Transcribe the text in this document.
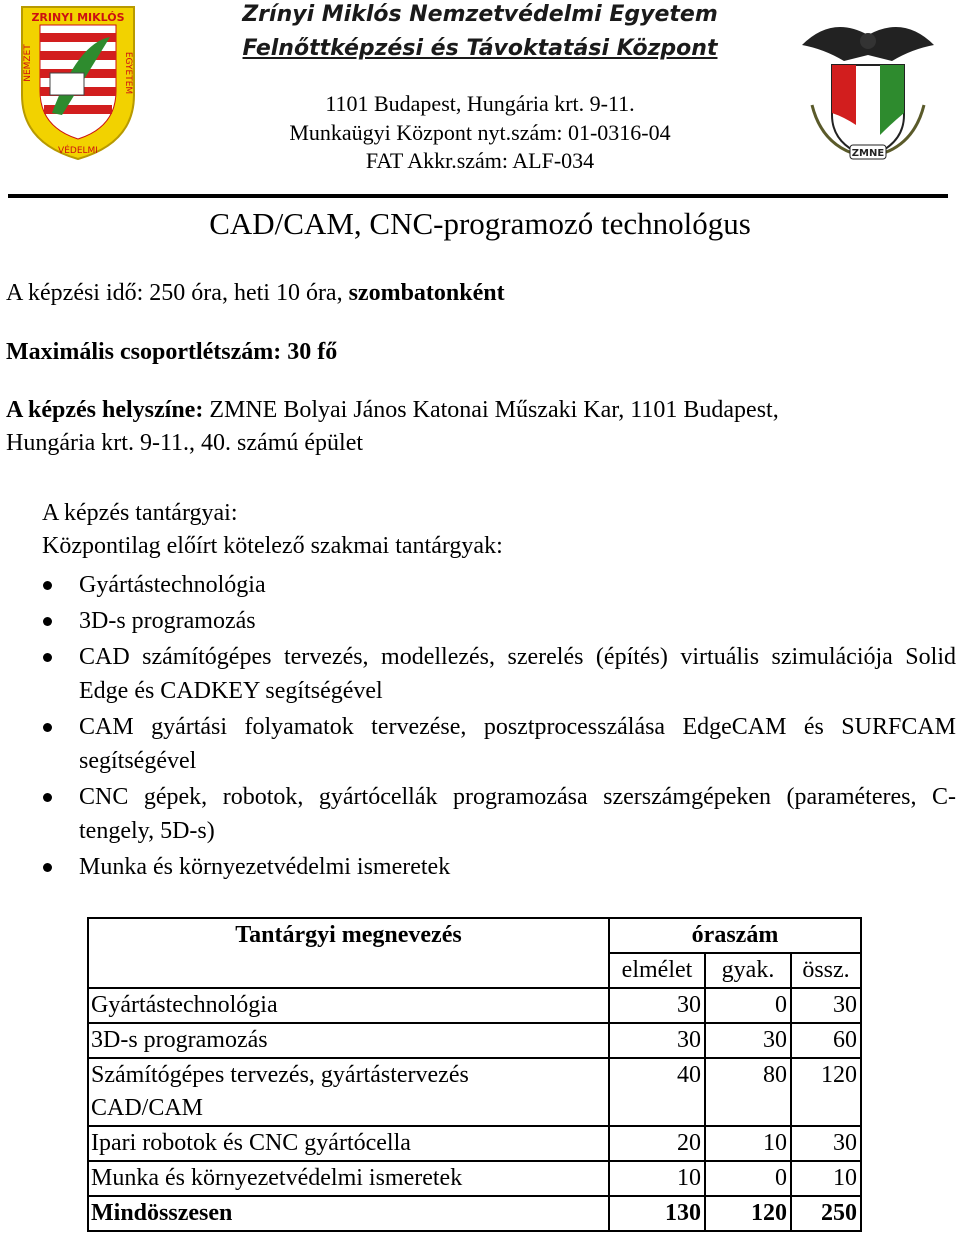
ZRINYI MIKLÓS
NEMZET	EGYETEM
VÉDELMI	ZMNE
Zrínyi Miklós Nemzetvédelmi Egyetem
Felnőttképzési és Távoktatási Központ
1101 Budapest, Hungária krt. 9-11.
Munkaügyi Központ nyt.szám: 01-0316-04
FAT Akkr.szám: ALF-034
CAD/CAM, CNC-programozó technológus
A képzési idő: 250 óra, heti 10 óra, szombatonként
Maximális csoportlétszám: 30 fő
A képzés helyszíne: ZMNE Bolyai János Katonai Műszaki Kar, 1101 Budapest,
Hungária krt. 9-11., 40. számú épület
A képzés tantárgyai:
Központilag előírt kötelező szakmai tantárgyak:
Gyártástechnológia
3D-s programozás
CAD számítógépes tervezés, modellezés, szerelés (építés) virtuális szimulációja Solid Edge és CADKEY segítségével
CAM gyártási folyamatok tervezése, posztprocesszálása EdgeCAM és SURFCAM segítségével
CNC gépek, robotok, gyártócellák programozása szerszámgépeken (paraméteres, C-tengely, 5D-s)
Munka és környezetvédelmi ismeretek
Tantárgyi megnevezés	óraszám		
	elmélet	gyak.	össz.
Gyártástechnológia	30	0	30
3D-s programozás	30	30	60
Számítógépes tervezés, gyártástervezés CAD/CAM	40	80	120
Ipari robotok és CNC gyártócella	20	10	30
Munka és környezetvédelmi ismeretek	10	0	10
Mindösszesen	130	120	250
